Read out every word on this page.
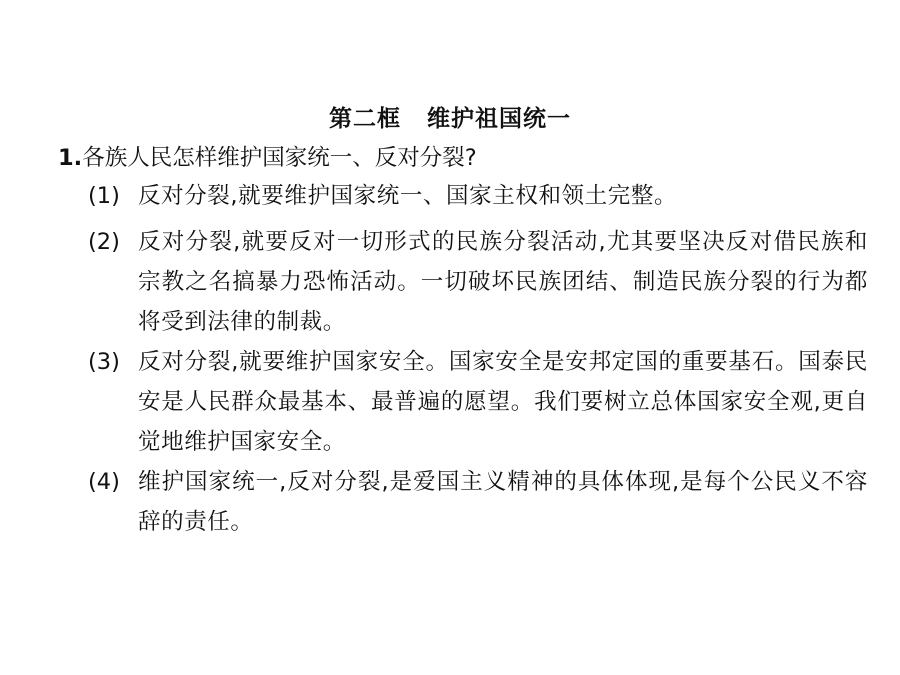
第二框 维护祖国统一
1.各族人民怎样维护国家统一、反对分裂?
(1) 反对分裂,就要维护国家统一、国家主权和领土完整。
(2) 反对分裂,就要反对一切形式的民族分裂活动,尤其要坚决反对借民族和宗教之名搞暴力恐怖活动。一切破坏民族团结、制造民族分裂的行为都将受到法律的制裁。
(3) 反对分裂,就要维护国家安全。国家安全是安邦定国的重要基石。国泰民安是人民群众最基本、最普遍的愿望。我们要树立总体国家安全观,更自觉地维护国家安全。
(4) 维护国家统一,反对分裂,是爱国主义精神的具体体现,是每个公民义不容辞的责任。
